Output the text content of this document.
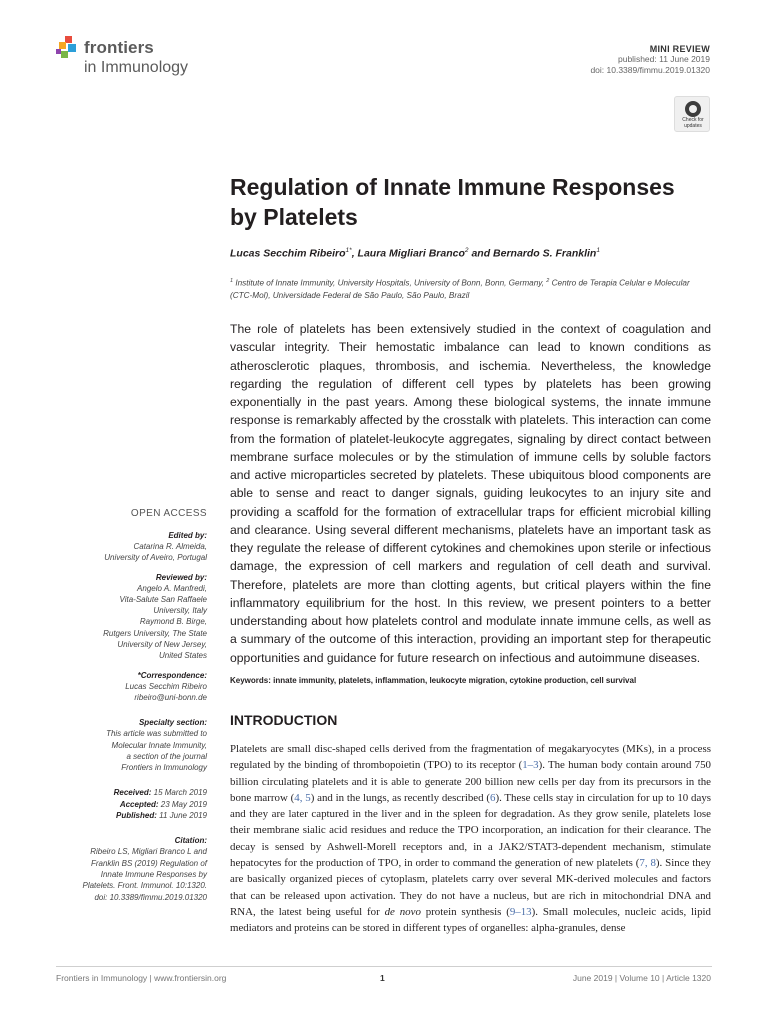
frontiers
in Immunology
MINI REVIEW
published: 11 June 2019
doi: 10.3389/fimmu.2019.01320
Check for updates
Regulation of Innate Immune Responses by Platelets
Lucas Secchim Ribeiro$^{1*}$, Laura Migliari Branco$^2$ and Bernardo S. Franklin$^1$
$^1$ Institute of Innate Immunity, University Hospitals, University of Bonn, Bonn, Germany, $^2$ Centro de Terapia Celular e Molecular (CTC-Mol), Universidade Federal de São Paulo, São Paulo, Brazil

The role of platelets has been extensively studied in the context of coagulation and vascular integrity. Their hemostatic imbalance can lead to known conditions as atherosclerotic plaques, thrombosis, and ischemia. Nevertheless, the knowledge regarding the regulation of different cell types by platelets has been growing exponentially in the past years. Among these biological systems, the innate immune response is remarkably affected by the crosstalk with platelets. This interaction can come from the formation of platelet-leukocyte aggregates, signaling by direct contact between membrane surface molecules or by the stimulation of immune cells by soluble factors and active microparticles secreted by platelets. These ubiquitous blood components are able to sense and react to danger signals, guiding leukocytes to an injury site and providing a scaffold for the formation of extracellular traps for efficient microbial killing and clearance. Using several different mechanisms, platelets have an important task as they regulate the release of different cytokines and chemokines upon sterile or infectious damage, the expression of cell markers and regulation of cell death and survival. Therefore, platelets are more than clotting agents, but critical players within the fine inflammatory equilibrium for the host. In this review, we present pointers to a better understanding about how platelets control and modulate innate immune cells, as well as a summary of the outcome of this interaction, providing an important step for therapeutic opportunities and guidance for future research on infectious and autoimmune diseases.

Keywords: innate immunity, platelets, inflammation, leukocyte migration, cytokine production, cell survival
INTRODUCTION

Platelets are small disc-shaped cells derived from the fragmentation of megakaryocytes (MKs), in a process regulated by the binding of thrombopoietin (TPO) to its receptor (1–3). The human body contain around 750 billion circulating platelets and it is able to generate 200 billion new cells per day from its precursors in the bone marrow (4, 5) and in the lungs, as recently described (6). These cells stay in circulation for up to 10 days and they are later captured in the liver and in the spleen for degradation. As they grow senile, platelets lose their membrane sialic acid residues and reduce the TPO incorporation, an indication for their clearance. The decay is sensed by Ashwell-Morell receptors and, in a JAK2/STAT3-dependent mechanism, stimulate hepatocytes for the production of TPO, in order to command the generation of new platelets (7, 8). Since they are basically organized pieces of cytoplasm, platelets carry over several MK-derived molecules and factors that can be released upon activation. They do not have a nucleus, but are rich in mitochondrial DNA and RNA, the latest being useful for de novo protein synthesis (9–13). Small molecules, nucleic acids, lipid mediators and proteins can be stored in different types of organelles: alpha-granules, dense

OPEN ACCESS
Edited by:
Catarina R. Almeida,
University of Aveiro, Portugal
Reviewed by:
Angelo A. Manfredi,
Vita-Salute San Raffaele
University, Italy
Raymond B. Birge,
Rutgers University, The State
University of New Jersey,
United States
*Correspondence:
Lucas Secchim Ribeiro
ribeiro@uni-bonn.de
Specialty section:
This article was submitted to
Molecular Innate Immunity,
a section of the journal
Frontiers in Immunology
Received: 15 March 2019
Accepted: 23 May 2019
Published: 11 June 2019
Citation:
Ribeiro LS, Migliari Branco L and
Franklin BS (2019) Regulation of
Innate Immune Responses by
Platelets. Front. Immunol. 10:1320.
doi: 10.3389/fimmu.2019.01320
Frontiers in Immunology | www.frontiersin.org	1	June 2019 | Volume 10 | Article 1320
